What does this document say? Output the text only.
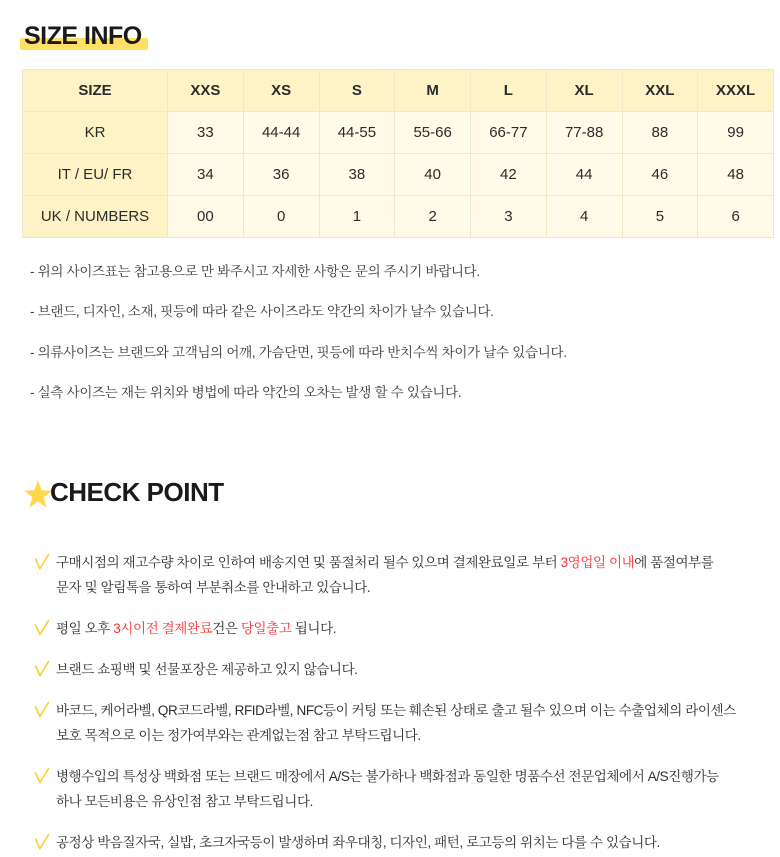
SIZE INFO
SIZE	XXS	XS	S	M	L	XL	XXL	XXXL
KR	33	44-44	44-55	55-66	66-77	77-88	88	99
IT / EU/ FR	34	36	38	40	42	44	46	48
UK / NUMBERS	00	0	1	2	3	4	5	6
- 위의 사이즈표는 참고용으로 만 봐주시고 자세한 사항은 문의 주시기 바랍니다.
- 브랜드, 디자인, 소재, 핏등에 따라 같은 사이즈라도 약간의 차이가 날수 있습니다.
- 의류사이즈는 브랜드와 고객님의 어깨, 가슴단면, 핏등에 따라 반치수씩 차이가 날수 있습니다.
- 실측 사이즈는 재는 위치와 병법에 따라 약간의 오차는 발생 할 수 있습니다.
CHECK POINT
구매시점의 재고수량 차이로 인하여 배송지연 및 품절처리 될수 있으며 결제완료일로 부터 3영업일 이내에 품절여부를
문자 및 알림톡을 통하여 부분취소를 안내하고 있습니다.
평일 오후 3시이전 결제완료건은 당일출고 됩니다.
브랜드 쇼핑백 및 선물포장은 제공하고 있지 않습니다.
바코드, 케어라벨, QR코드라벨, RFID라벨, NFC등이 커팅 또는 훼손된 상태로 출고 될수 있으며 이는 수출업체의 라이센스
보호 목적으로 이는 정가여부와는 관계없는점 참고 부탁드립니다.
병행수입의 특성상 백화점 또는 브랜드 매장에서 A/S는 불가하나 백화점과 동일한 명품수선 전문업체에서 A/S진행가능
하나 모든비용은 유상인점 참고 부탁드립니다.
공정상 박음질자국, 실밥, 초크자국등이 발생하며 좌우대칭, 디자인, 패턴, 로고등의 위치는 다를 수 있습니다.
